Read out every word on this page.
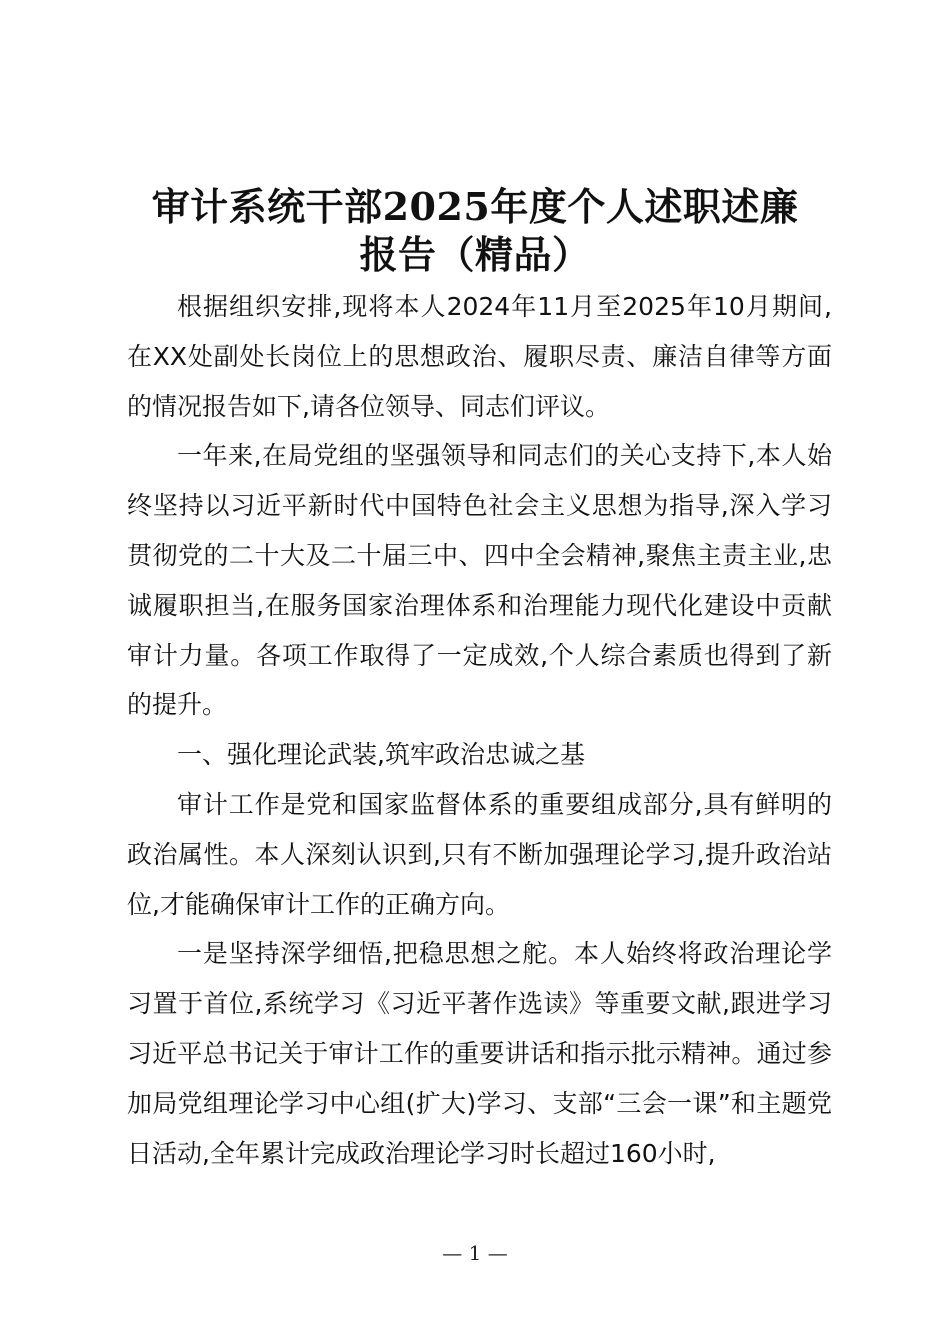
审计系统干部2025年度个人述职述廉
报告（精品）

根据组织安排,现将本人2024年11月至2025年10月期间,在XX处副处长岗位上的思想政治、履职尽责、廉洁自律等方面的情况报告如下,请各位领导、同志们评议。

一年来,在局党组的坚强领导和同志们的关心支持下,本人始终坚持以习近平新时代中国特色社会主义思想为指导,深入学习贯彻党的二十大及二十届三中、四中全会精神,聚焦主责主业,忠诚履职担当,在服务国家治理体系和治理能力现代化建设中贡献审计力量。各项工作取得了一定成效,个人综合素质也得到了新的提升。

一、强化理论武装,筑牢政治忠诚之基

审计工作是党和国家监督体系的重要组成部分,具有鲜明的政治属性。本人深刻认识到,只有不断加强理论学习,提升政治站位,才能确保审计工作的正确方向。

一是坚持深学细悟,把稳思想之舵。本人始终将政治理论学习置于首位,系统学习《习近平著作选读》等重要文献,跟进学习习近平总书记关于审计工作的重要讲话和指示批示精神。通过参加局党组理论学习中心组(扩大)学习、支部“三会一课”和主题党日活动,全年累计完成政治理论学习时长超过160小时,

— 1 —
